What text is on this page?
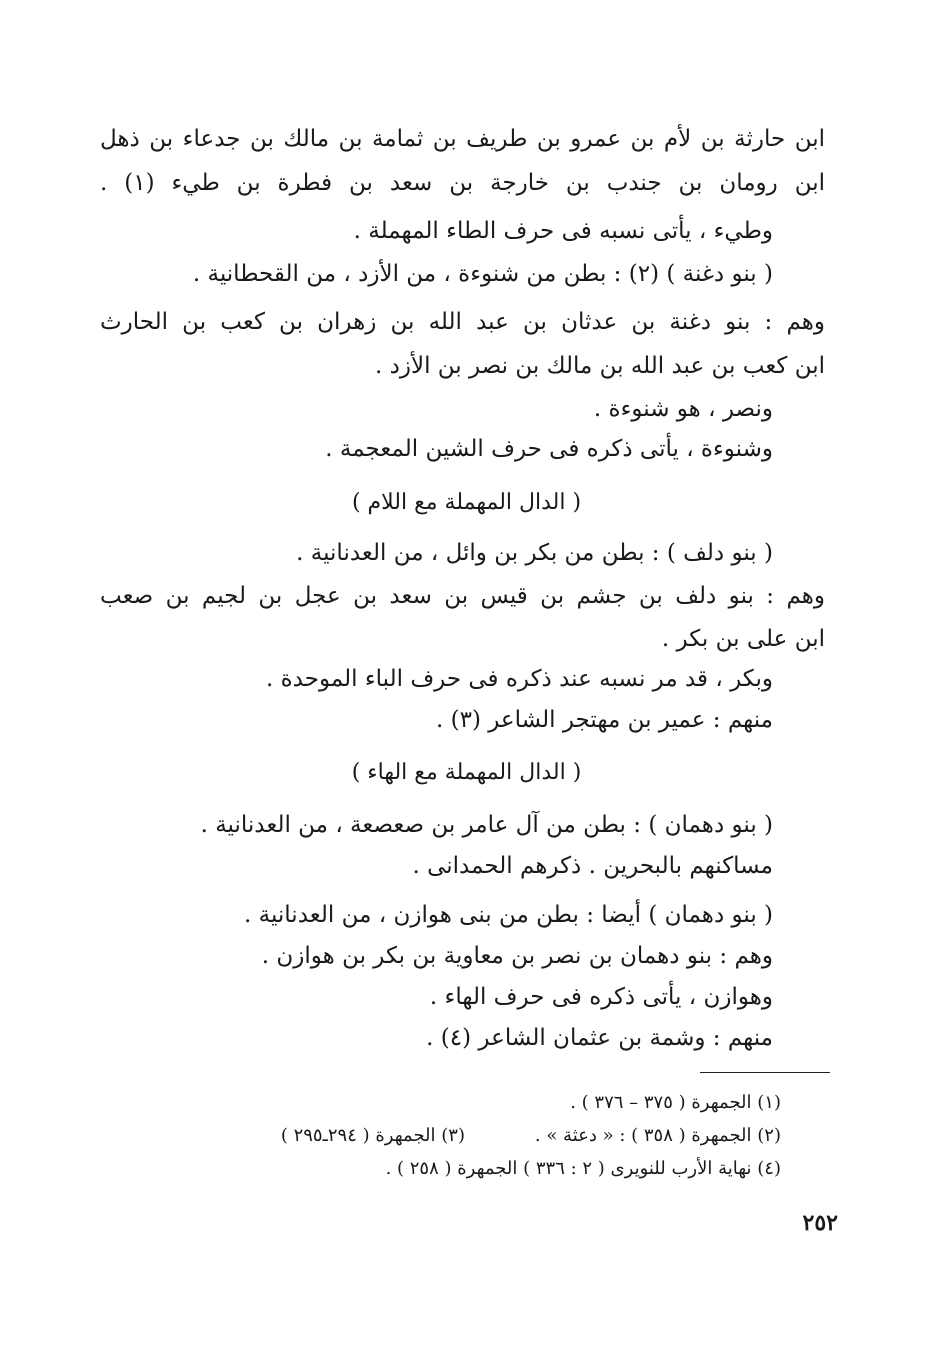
ابن حارثة بن لأم بن عمرو بن طريف بن ثمامة بن مالك بن جدعاء بن ذهل
ابن رومان بن جندب بن خارجة بن سعد بن فطرة بن طيء (١) .
وطيء ، يأتى نسبه فى حرف الطاء المهملة .
( بنو دغنة ) (٢) : بطن من شنوءة ، من الأزد ، من القحطانية .
وهم : بنو دغنة بن عدثان بن عبد الله بن زهران بن كعب بن الحارث
ابن كعب بن عبد الله بن مالك بن نصر بن الأزد .
ونصر ، هو شنوءة .
وشنوءة ، يأتى ذكره فى حرف الشين المعجمة .
( الدال المهملة مع اللام )
( بنو دلف ) : بطن من بكر بن وائل ، من العدنانية .
وهم : بنو دلف بن جشم بن قيس بن سعد بن عجل بن لجيم بن صعب
ابن على بن بكر .
وبكر ، قد مر نسبه عند ذكره فى حرف الباء الموحدة .
منهم : عمير بن مهتجر الشاعر (٣) .
( الدال المهملة مع الهاء )
( بنو دهمان ) : بطن من آل عامر بن صعصعة ، من العدنانية .
مساكنهم بالبحرين . ذكرهم الحمدانى .
( بنو دهمان ) أيضا : بطن من بنى هوازن ، من العدنانية .
وهم : بنو دهمان بن نصر بن معاوية بن بكر بن هوازن .
وهوازن ، يأتى ذكره فى حرف الهاء .
منهم : وشمة بن عثمان الشاعر (٤) .
(١) الجمهرة ( ٣٧٥ – ٣٧٦ ) .
(٢) الجمهرة ( ٣٥٨ ) : « دعثة » .
(٣) الجمهرة ( ٢٩٤ـ٢٩٥ )
(٤) نهاية الأرب للنويرى ( ٢ : ٣٣٦ ) الجمهرة ( ٢٥٨ ) .
٢٥٢
